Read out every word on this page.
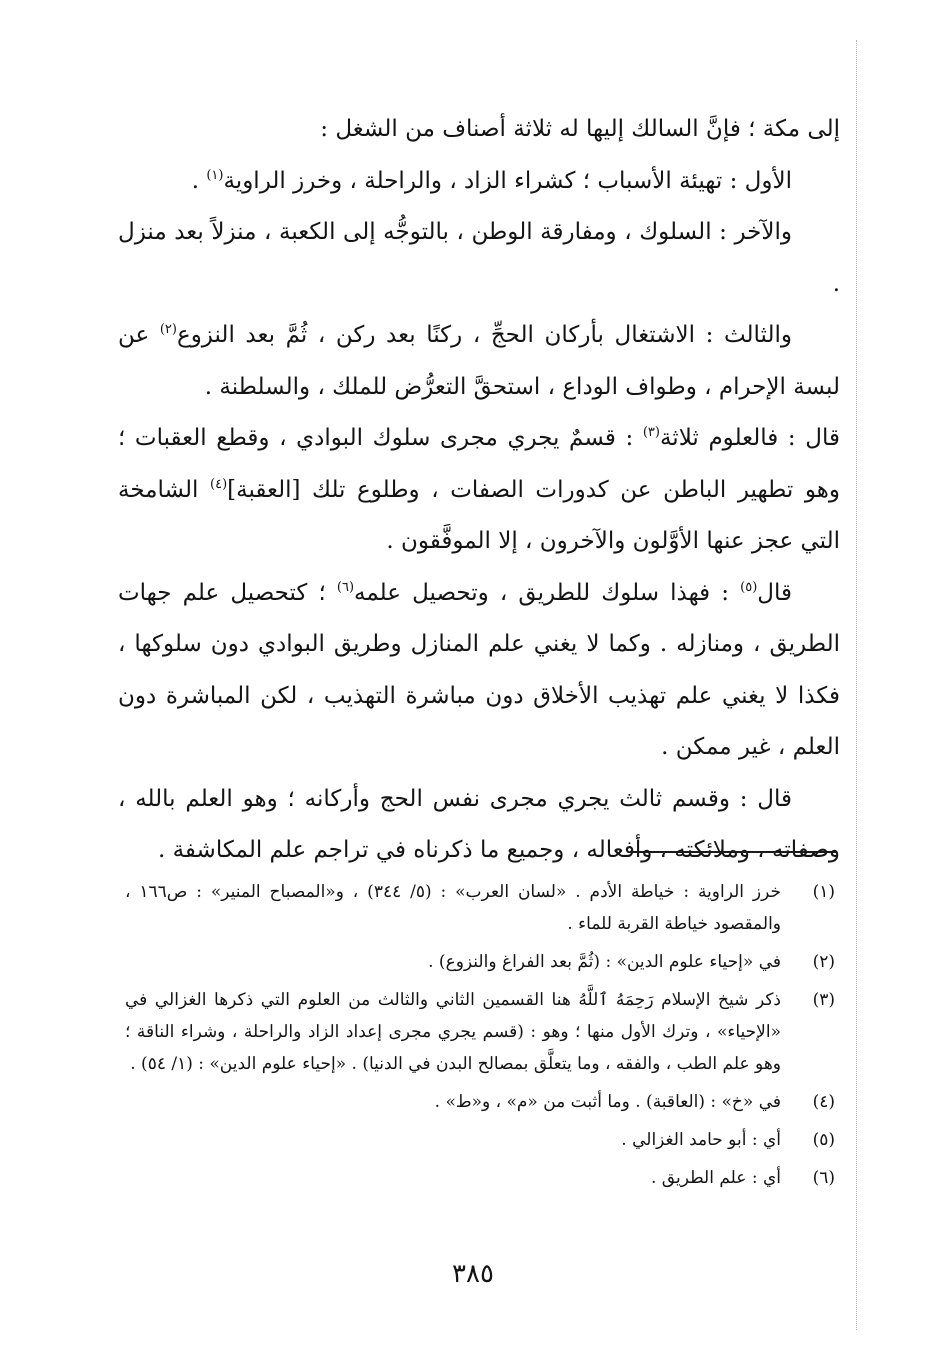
إلى مكة ؛ فإنَّ السالك إليها له ثلاثة أصناف من الشغل :

الأول : تهيئة الأسباب ؛ كشراء الزاد ، والراحلة ، وخرز الراوية$^{(١)}$ .

والآخر : السلوك ، ومفارقة الوطن ، بالتوجُّه إلى الكعبة ، منزلاً بعد منزل .

والثالث : الاشتغال بأركان الحجِّ ، ركنًا بعد ركن ، ثُمَّ بعد النزوع$^{(٢)}$ عن لبسة الإحرام ، وطواف الوداع ، استحقَّ التعرُّض للملك ، والسلطنة .

قال : فالعلوم ثلاثة$^{(٣)}$ : قسمٌ يجري مجرى سلوك البوادي ، وقطع العقبات ؛ وهو تطهير الباطن عن كدورات الصفات ، وطلوع تلك [العقبة]$^{(٤)}$ الشامخة التي عجز عنها الأوَّلون والآخرون ، إلا الموفَّقون .

قال$^{(٥)}$ : فهذا سلوك للطريق ، وتحصيل علمه$^{(٦)}$ ؛ كتحصيل علم جهات الطريق ، ومنازله . وكما لا يغني علم المنازل وطريق البوادي دون سلوكها ، فكذا لا يغني علم تهذيب الأخلاق دون مباشرة التهذيب ، لكن المباشرة دون العلم ، غير ممكن .

قال : وقسم ثالث يجري مجرى نفس الحج وأركانه ؛ وهو العلم بالله ، وصفاته ، وملائكته ، وأفعاله ، وجميع ما ذكرناه في تراجم علم المكاشفة .

(١)
خرز الراوية : خياطة الأدم . «لسان العرب» : (٥/ ٣٤٤) ، و«المصباح المنير» : ص١٦٦ ، والمقصود خياطة القربة للماء .
(٢)
في «إحياء علوم الدين» : (ثُمَّ بعد الفراغ والنزوع) .
(٣)
ذكر شيخ الإسلام رَحِمَهُ ٱللَّهُ هنا القسمين الثاني والثالث من العلوم التي ذكرها الغزالي في «الإحياء» ، وترك الأول منها ؛ وهو : (قسم يجري مجرى إعداد الزاد والراحلة ، وشراء الناقة ؛ وهو علم الطب ، والفقه ، وما يتعلَّق بمصالح البدن في الدنيا) . «إحياء علوم الدين» : (١/ ٥٤) .
(٤)
في «خ» : (العاقبة) . وما أثبت من «م» ، و«ط» .
(٥)
أي : أبو حامد الغزالي .
(٦)
أي : علم الطريق .
٣٨٥
